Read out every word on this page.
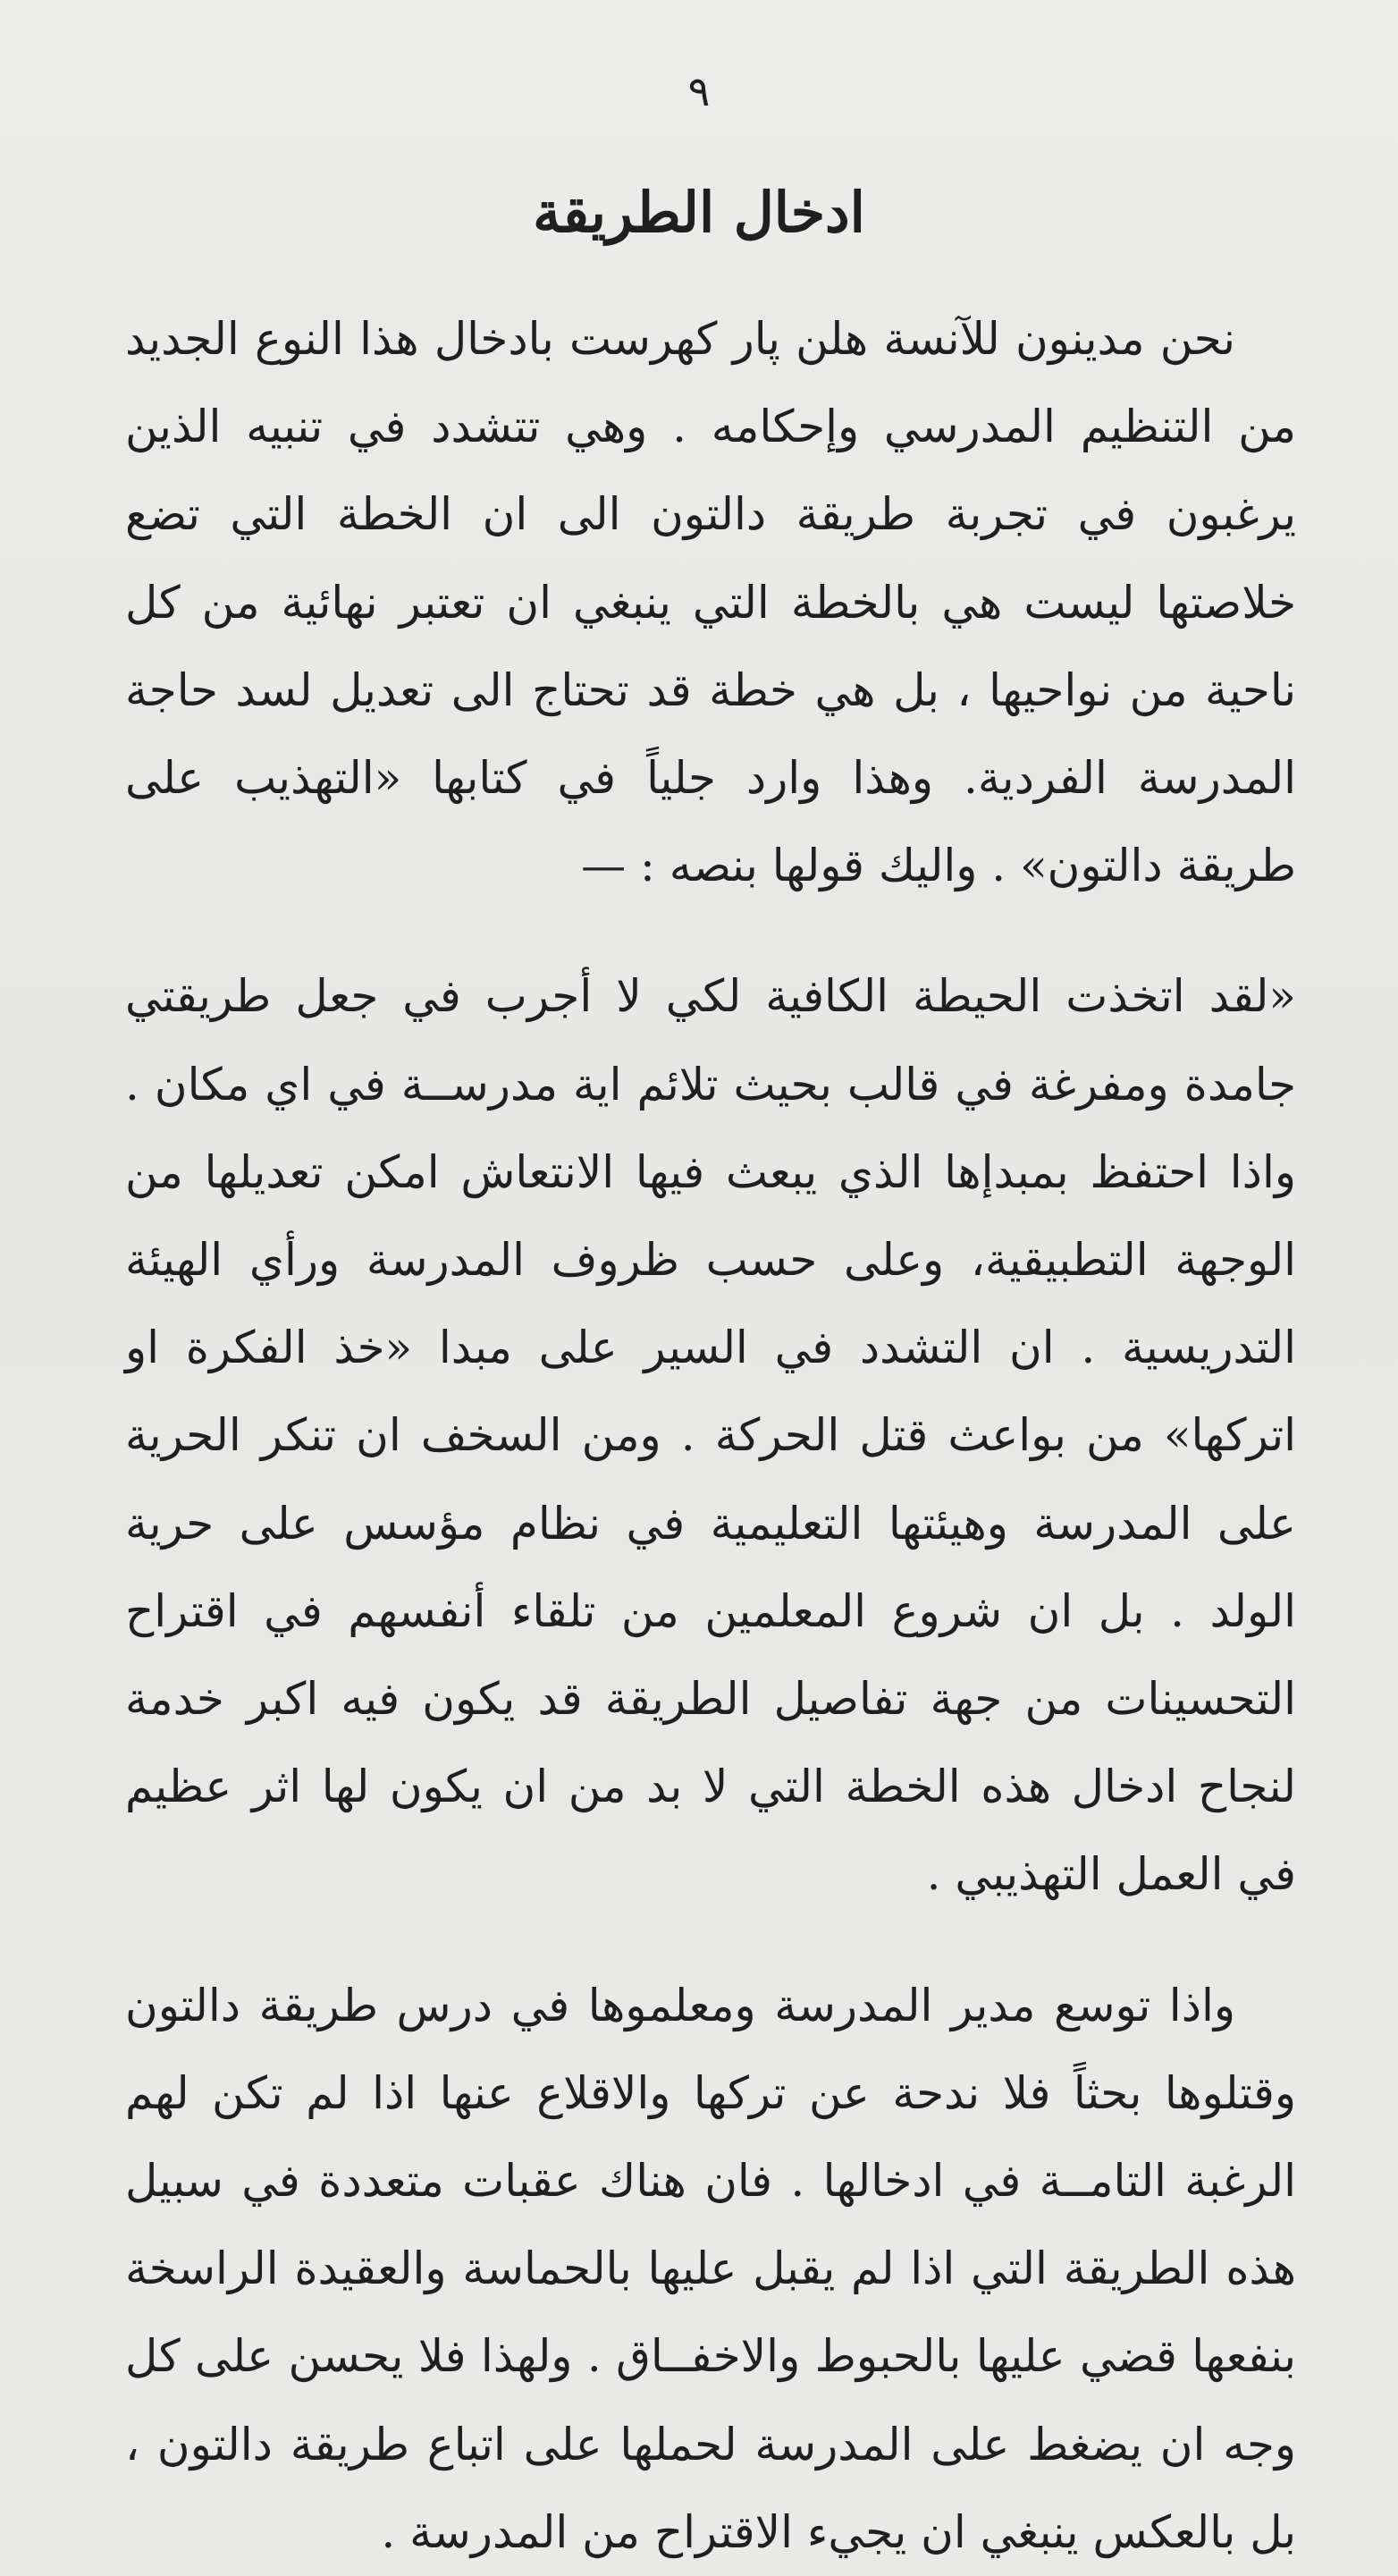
٩
ادخال الطريقة

نحن مدينون للآنسة هلن پار كهرست بادخال هذا النوع الجديد من التنظيم المدرسي وإحكامه . وهي تتشدد في تنبيه الذين يرغبون في تجربة طريقة دالتون الى ان الخطة التي تضع خلاصتها ليست هي بالخطة التي ينبغي ان تعتبر نهائية من كل ناحية من نواحيها ، بل هي خطة قد تحتاج الى تعديل لسد حاجة المدرسة الفردية. وهذا وارد جلياً في كتابها «التهذيب على طريقة دالتون» . واليك قولها بنصه : —

«لقد اتخذت الحيطة الكافية لكي لا أجرب في جعل طريقتي جامدة ومفرغة في قالب بحيث تلائم اية مدرســة في اي مكان . واذا احتفظ بمبدإها الذي يبعث فيها الانتعاش امكن تعديلها من الوجهة التطبيقية، وعلى حسب ظروف المدرسة ورأي الهيئة التدريسية . ان التشدد في السير على مبدا «خذ الفكرة او اتركها» من بواعث قتل الحركة . ومن السخف ان تنكر الحرية على المدرسة وهيئتها التعليمية في نظام مؤسس على حرية الولد . بل ان شروع المعلمين من تلقاء أنفسهم في اقتراح التحسينات من جهة تفاصيل الطريقة قد يكون فيه اكبر خدمة لنجاح ادخال هذه الخطة التي لا بد من ان يكون لها اثر عظيم في العمل التهذيبي .

واذا توسع مدير المدرسة ومعلموها في درس طريقة دالتون وقتلوها بحثاً فلا ندحة عن تركها والاقلاع عنها اذا لم تكن لهم الرغبة التامــة في ادخالها . فان هناك عقبات متعددة في سبيل هذه الطريقة التي اذا لم يقبل عليها بالحماسة والعقيدة الراسخة بنفعها قضي عليها بالحبوط والاخفــاق . ولهذا فلا يحسن على كل وجه ان يضغط على المدرسة لحملها على اتباع طريقة دالتون ، بل بالعكس ينبغي ان يجيء الاقتراح من المدرسة .
